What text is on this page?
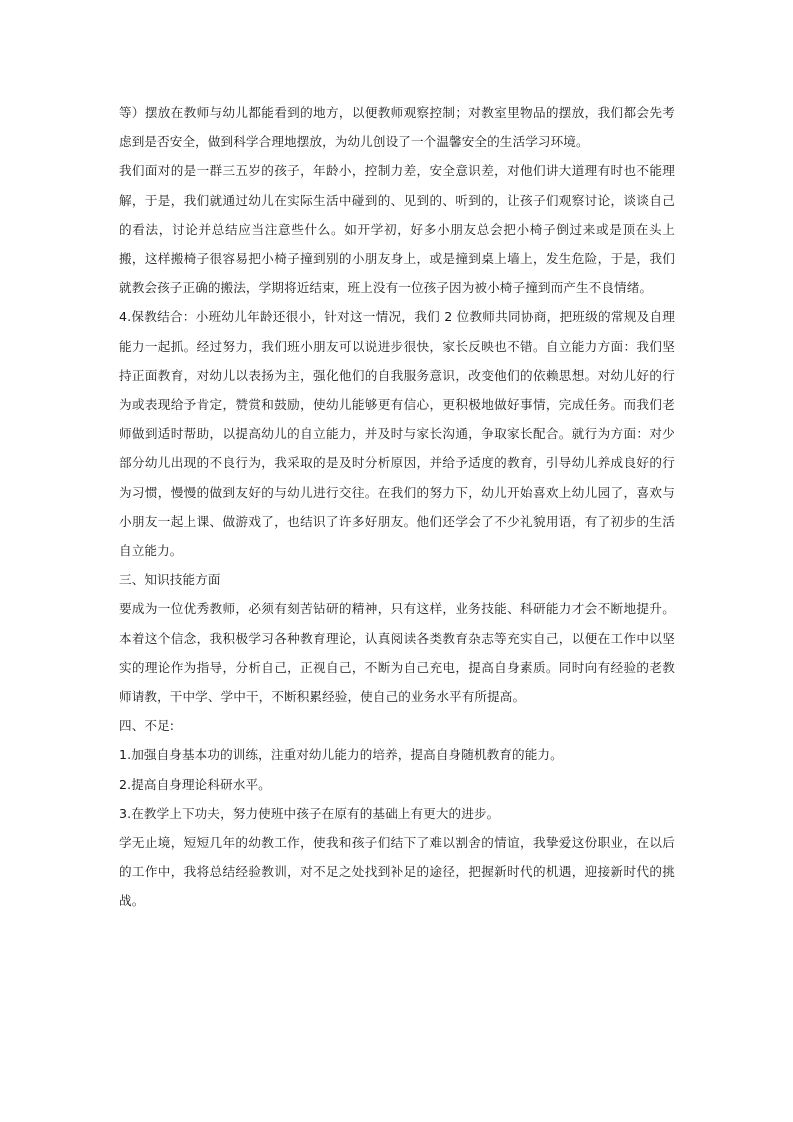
等）摆放在教师与幼儿都能看到的地方，以便教师观察控制；对教室里物品的摆放，我们都会先考虑到是否安全，做到科学合理地摆放，为幼儿创设了一个温馨安全的生活学习环境。

我们面对的是一群三五岁的孩子，年龄小，控制力差，安全意识差，对他们讲大道理有时也不能理解，于是，我们就通过幼儿在实际生活中碰到的、见到的、听到的，让孩子们观察讨论，谈谈自己的看法，讨论并总结应当注意些什么。如开学初，好多小朋友总会把小椅子倒过来或是顶在头上搬，这样搬椅子很容易把小椅子撞到别的小朋友身上，或是撞到桌上墙上，发生危险，于是，我们就教会孩子正确的搬法，学期将近结束，班上没有一位孩子因为被小椅子撞到而产生不良情绪。

4.保教结合：小班幼儿年龄还很小，针对这一情况，我们 2 位教师共同协商，把班级的常规及自理能力一起抓。经过努力，我们班小朋友可以说进步很快，家长反映也不错。自立能力方面：我们坚持正面教育，对幼儿以表扬为主，强化他们的自我服务意识，改变他们的依赖思想。对幼儿好的行为或表现给予肯定，赞赏和鼓励，使幼儿能够更有信心，更积极地做好事情，完成任务。而我们老师做到适时帮助，以提高幼儿的自立能力，并及时与家长沟通，争取家长配合。就行为方面：对少部分幼儿出现的不良行为，我采取的是及时分析原因，并给予适度的教育，引导幼儿养成良好的行为习惯，慢慢的做到友好的与幼儿进行交往。在我们的努力下，幼儿开始喜欢上幼儿园了，喜欢与小朋友一起上课、做游戏了，也结识了许多好朋友。他们还学会了不少礼貌用语，有了初步的生活自立能力。

三、知识技能方面

要成为一位优秀教师，必须有刻苦钻研的精神，只有这样，业务技能、科研能力才会不断地提升。本着这个信念，我积极学习各种教育理论，认真阅读各类教育杂志等充实自己，以便在工作中以坚实的理论作为指导，分析自己，正视自己，不断为自己充电，提高自身素质。同时向有经验的老教师请教，干中学、学中干，不断积累经验，使自己的业务水平有所提高。

四、不足:

1.加强自身基本功的训练，注重对幼儿能力的培养，提高自身随机教育的能力。

2.提高自身理论科研水平。

3.在教学上下功夫，努力使班中孩子在原有的基础上有更大的进步。

学无止境，短短几年的幼教工作，使我和孩子们结下了难以割舍的情谊，我挚爱这份职业，在以后的工作中，我将总结经验教训，对不足之处找到补足的途径，把握新时代的机遇，迎接新时代的挑战。
